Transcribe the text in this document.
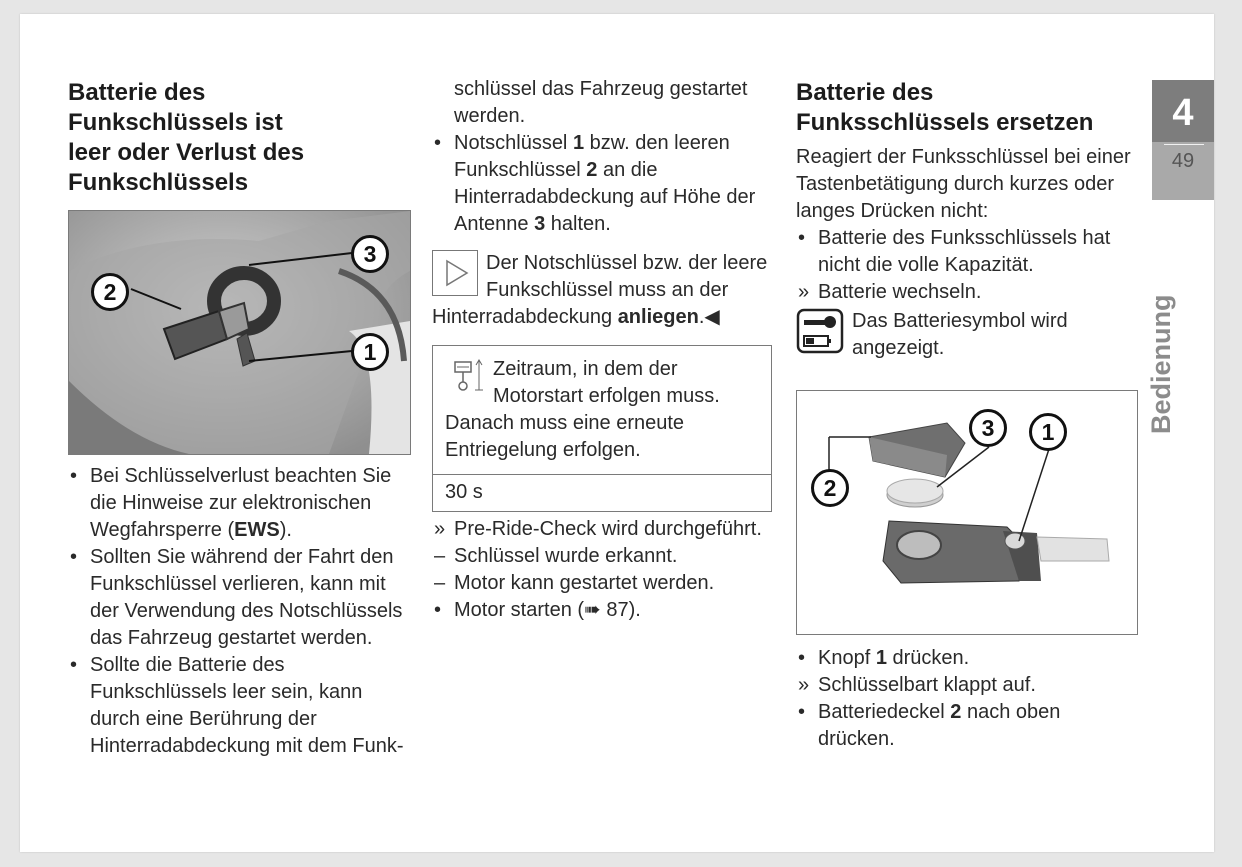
Batterie des
Funkschlüssels ist
leer oder Verlust des
Funkschlüssels
2
3
1
• Bei Schlüsselverlust beachten Sie die Hinweise zur elektronischen Wegfahrsperre (EWS).
• Sollten Sie während der Fahrt den Funkschlüssel verlieren, kann mit der Verwendung des Notschlüssels das Fahrzeug gestartet werden.
• Sollte die Batterie des Funkschlüssels leer sein, kann durch eine Berührung der Hinterradabdeckung mit dem Funk-

schlüssel das Fahrzeug gestartet werden.

• Notschlüssel 1 bzw. den leeren Funkschlüssel 2 an die Hinterradabdeckung auf Höhe der Antenne 3 halten.

Der Notschlüssel bzw. der leere Funkschlüssel muss an der Hinterradabdeckung anliegen.◀

Zeitraum, in dem der Motorstart erfolgen muss. Danach muss eine erneute Entriegelung erfolgen.

30 s

» Pre-Ride-Check wird durchgeführt.
– Schlüssel wurde erkannt.
– Motor kann gestartet werden.
• Motor starten (➠ 87).
Batterie des
Funksschlüssels ersetzen

Reagiert der Funksschlüssel bei einer Tastenbetätigung durch kurzes oder langes Drücken nicht:

• Batterie des Funksschlüssels hat nicht die volle Kapazität.
» Batterie wechseln.

Das Batteriesymbol wird angezeigt.

3	1
2
• Knopf 1 drücken.
» Schlüsselbart klappt auf.
• Batteriedeckel 2 nach oben drücken.
4
49
Bedienung
